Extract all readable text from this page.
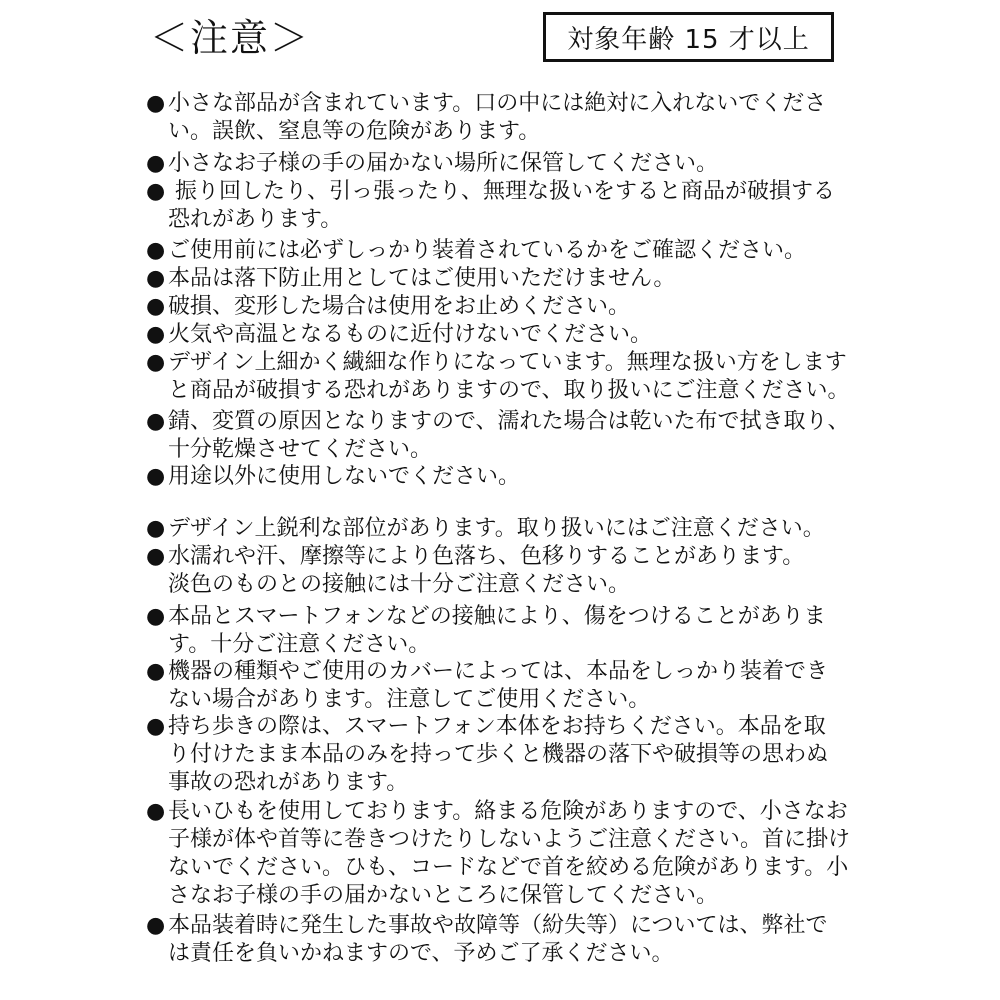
＜注意＞	対象年齢 15 才以上
● 小さな部品が含まれています。口の中には絶対に入れないでくださ
い。誤飲、窒息等の危険があります。
● 小さなお子様の手の届かない場所に保管してください。
● 振り回したり、引っ張ったり、無理な扱いをすると商品が破損する
恐れがあります。
● ご使用前には必ずしっかり装着されているかをご確認ください。
● 本品は落下防止用としてはご使用いただけません。
● 破損、変形した場合は使用をお止めください。
● 火気や高温となるものに近付けないでください。
● デザイン上細かく繊細な作りになっています。無理な扱い方をします
と商品が破損する恐れがありますので、取り扱いにご注意ください。
● 錆、変質の原因となりますので、濡れた場合は乾いた布で拭き取り、
十分乾燥させてください。
● 用途以外に使用しないでください。
● デザイン上鋭利な部位があります。取り扱いにはご注意ください。
● 水濡れや汗、摩擦等により色落ち、色移りすることがあります。
淡色のものとの接触には十分ご注意ください。
● 本品とスマートフォンなどの接触により、傷をつけることがありま
す。十分ご注意ください。
● 機器の種類やご使用のカバーによっては、本品をしっかり装着でき
ない場合があります。注意してご使用ください。
● 持ち歩きの際は、スマートフォン本体をお持ちください。本品を取
り付けたまま本品のみを持って歩くと機器の落下や破損等の思わぬ
事故の恐れがあります。
● 長いひもを使用しております。絡まる危険がありますので、小さなお
子様が体や首等に巻きつけたりしないようご注意ください。首に掛け
ないでください。ひも、コードなどで首を絞める危険があります。小
さなお子様の手の届かないところに保管してください。
● 本品装着時に発生した事故や故障等（紛失等）については、弊社で
は責任を負いかねますので、予めご了承ください。
